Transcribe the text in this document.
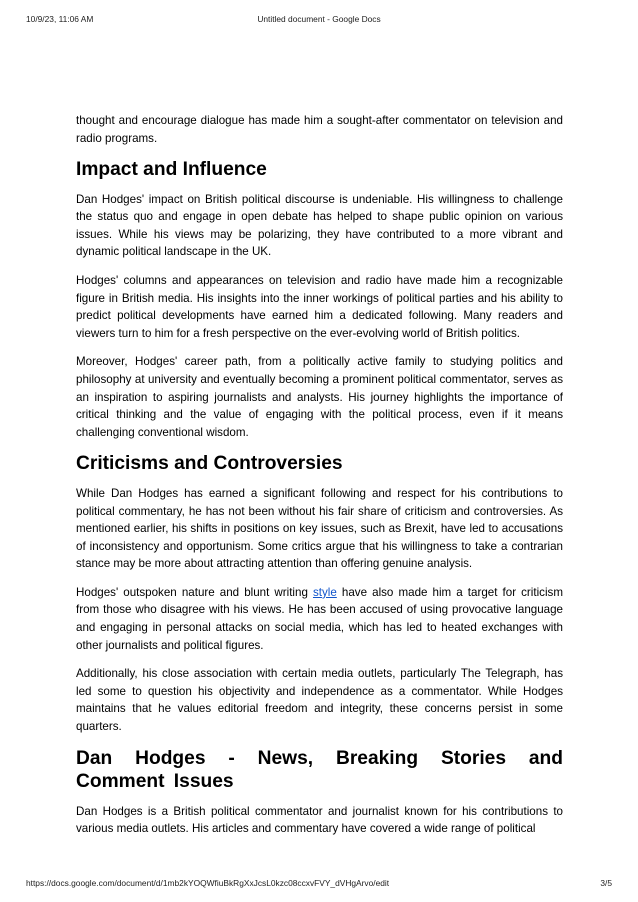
10/9/23, 11:06 AM	Untitled document - Google Docs

thought and encourage dialogue has made him a sought-after commentator on television and radio programs.

Impact and Influence

Dan Hodges' impact on British political discourse is undeniable. His willingness to challenge the status quo and engage in open debate has helped to shape public opinion on various issues. While his views may be polarizing, they have contributed to a more vibrant and dynamic political landscape in the UK.

Hodges' columns and appearances on television and radio have made him a recognizable figure in British media. His insights into the inner workings of political parties and his ability to predict political developments have earned him a dedicated following. Many readers and viewers turn to him for a fresh perspective on the ever-evolving world of British politics.

Moreover, Hodges' career path, from a politically active family to studying politics and philosophy at university and eventually becoming a prominent political commentator, serves as an inspiration to aspiring journalists and analysts. His journey highlights the importance of critical thinking and the value of engaging with the political process, even if it means challenging conventional wisdom.

Criticisms and Controversies

While Dan Hodges has earned a significant following and respect for his contributions to political commentary, he has not been without his fair share of criticism and controversies. As mentioned earlier, his shifts in positions on key issues, such as Brexit, have led to accusations of inconsistency and opportunism. Some critics argue that his willingness to take a contrarian stance may be more about attracting attention than offering genuine analysis.

Hodges' outspoken nature and blunt writing style have also made him a target for criticism from those who disagree with his views. He has been accused of using provocative language and engaging in personal attacks on social media, which has led to heated exchanges with other journalists and political figures.

Additionally, his close association with certain media outlets, particularly The Telegraph, has led some to question his objectivity and independence as a commentator. While Hodges maintains that he values editorial freedom and integrity, these concerns persist in some quarters.

Dan Hodges - News, Breaking Stories and Comment Issues

Dan Hodges is a British political commentator and journalist known for his contributions to various media outlets. His articles and commentary have covered a wide range of political

https://docs.google.com/document/d/1mb2kYOQWfiuBkRgXxJcsL0kzc08ccxvFVY_dVHgArvo/edit	3/5
